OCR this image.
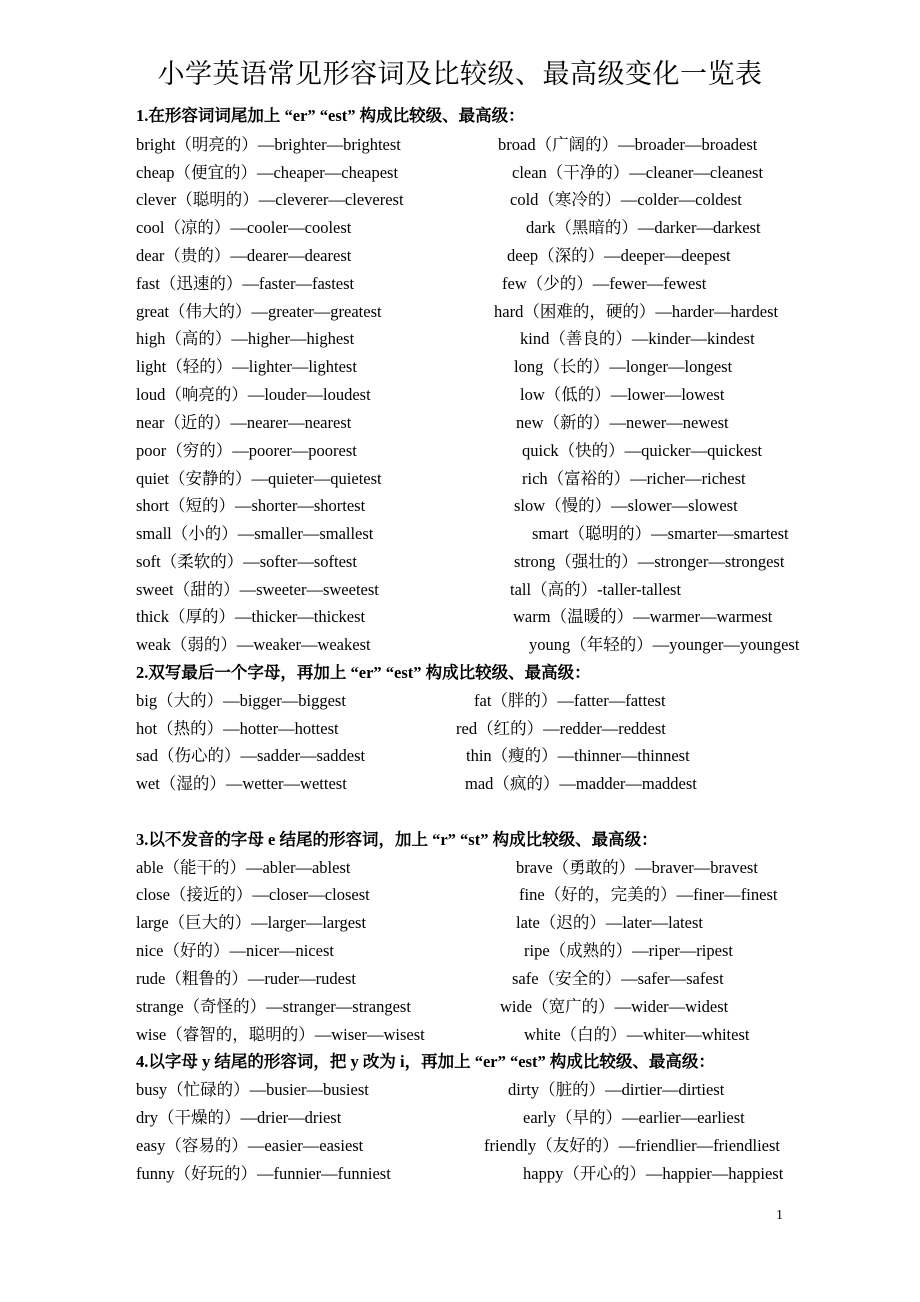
小学英语常见形容词及比较级、最高级变化一览表
1.在形容词词尾加上 “er” “est” 构成比较级、最高级：
bright（明亮的）—brighter—brightest	broad（广阔的）—broader—broadest
cheap（便宜的）—cheaper—cheapest	clean（干净的）—cleaner—cleanest
clever（聪明的）—cleverer—cleverest	cold（寒冷的）—colder—coldest
cool（凉的）—cooler—coolest	dark（黑暗的）—darker—darkest
dear（贵的）—dearer—dearest	deep（深的）—deeper—deepest
fast（迅速的）—faster—fastest	few（少的）—fewer—fewest
great（伟大的）—greater—greatest	hard（困难的，硬的）—harder—hardest
high（高的）—higher—highest	kind（善良的）—kinder—kindest
light（轻的）—lighter—lightest	long（长的）—longer—longest
loud（响亮的）—louder—loudest	low（低的）—lower—lowest
near（近的）—nearer—nearest	new（新的）—newer—newest
poor（穷的）—poorer—poorest	quick（快的）—quicker—quickest
quiet（安静的）—quieter—quietest	rich（富裕的）—richer—richest
short（短的）—shorter—shortest	slow（慢的）—slower—slowest
small（小的）—smaller—smallest	smart（聪明的）—smarter—smartest
soft（柔软的）—softer—softest	strong（强壮的）—stronger—strongest
sweet（甜的）—sweeter—sweetest	tall（高的）-taller-tallest
thick（厚的）—thicker—thickest	warm（温暖的）—warmer—warmest
weak（弱的）—weaker—weakest	young（年轻的）—younger—youngest
2.双写最后一个字母，再加上 “er” “est” 构成比较级、最高级：
big（大的）—bigger—biggest	fat（胖的）—fatter—fattest
hot（热的）—hotter—hottest	red（红的）—redder—reddest
sad（伤心的）—sadder—saddest	thin（瘦的）—thinner—thinnest
wet（湿的）—wetter—wettest	mad（疯的）—madder—maddest
3.以不发音的字母 e 结尾的形容词，加上 “r” “st” 构成比较级、最高级：
able（能干的）—abler—ablest	brave（勇敢的）—braver—bravest
close（接近的）—closer—closest	fine（好的，完美的）—finer—finest
large（巨大的）—larger—largest	late（迟的）—later—latest
nice（好的）—nicer—nicest	ripe（成熟的）—riper—ripest
rude（粗鲁的）—ruder—rudest	safe（安全的）—safer—safest
strange（奇怪的）—stranger—strangest	wide（宽广的）—wider—widest
wise（睿智的，聪明的）—wiser—wisest	white（白的）—whiter—whitest
4.以字母 y 结尾的形容词，把 y 改为 i，再加上 “er” “est” 构成比较级、最高级：
busy（忙碌的）—busier—busiest	dirty（脏的）—dirtier—dirtiest
dry（干燥的）—drier—driest	early（早的）—earlier—earliest
easy（容易的）—easier—easiest	friendly（友好的）—friendlier—friendliest
funny（好玩的）—funnier—funniest	happy（开心的）—happier—happiest
1
